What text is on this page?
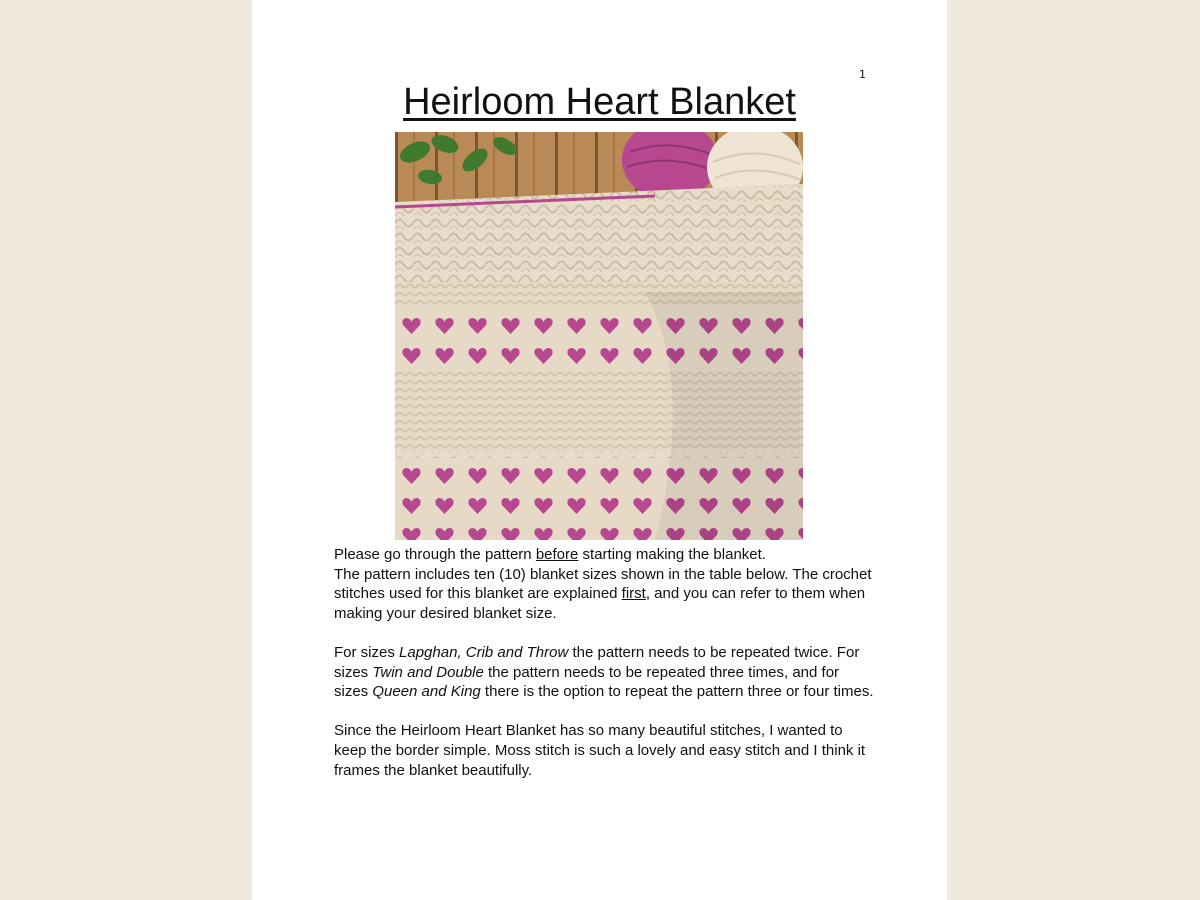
1
Heirloom Heart Blanket

Please go through the pattern before starting making the blanket.

The pattern includes ten (10) blanket sizes shown in the table below. The crochet stitches used for this blanket are explained first, and you can refer to them when making your desired blanket size.

For sizes Lapghan, Crib and Throw the pattern needs to be repeated twice. For sizes Twin and Double the pattern needs to be repeated three times, and for sizes Queen and King there is the option to repeat the pattern three or four times.

Since the Heirloom Heart Blanket has so many beautiful stitches, I wanted to keep the border simple. Moss stitch is such a lovely and easy stitch and I think it frames the blanket beautifully.
